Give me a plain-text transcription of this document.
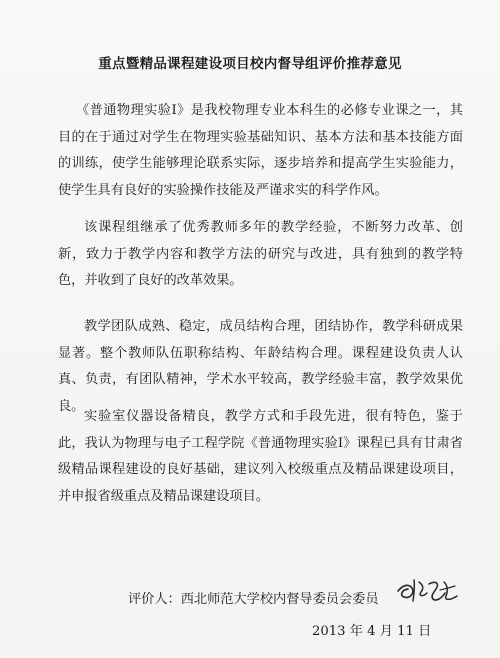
重点暨精品课程建设项目校内督导组评价推荐意见
《普通物理实验Ⅰ》是我校物理专业本科生的必修专业课之一，其目的在于通过对学生在物理实验基础知识、基本方法和基本技能方面的训练，使学生能够理论联系实际，逐步培养和提高学生实验能力，使学生具有良好的实验操作技能及严谨求实的科学作风。
该课程组继承了优秀教师多年的教学经验，不断努力改革、创新，致力于教学内容和教学方法的研究与改进，具有独到的教学特色，并收到了良好的改革效果。
教学团队成熟、稳定，成员结构合理，团结协作，教学科研成果显著。整个教师队伍职称结构、年龄结构合理。课程建设负责人认真、负责，有团队精神，学术水平较高，教学经验丰富，教学效果优良。
实验室仪器设备精良，教学方式和手段先进，很有特色，鉴于此，我认为物理与电子工程学院《普通物理实验Ⅰ》课程已具有甘肃省级精品课程建设的良好基础，建议列入校级重点及精品课建设项目，并申报省级重点及精品课建设项目。
评价人：西北师范大学校内督导委员会委员
2013 年 4 月 11 日
